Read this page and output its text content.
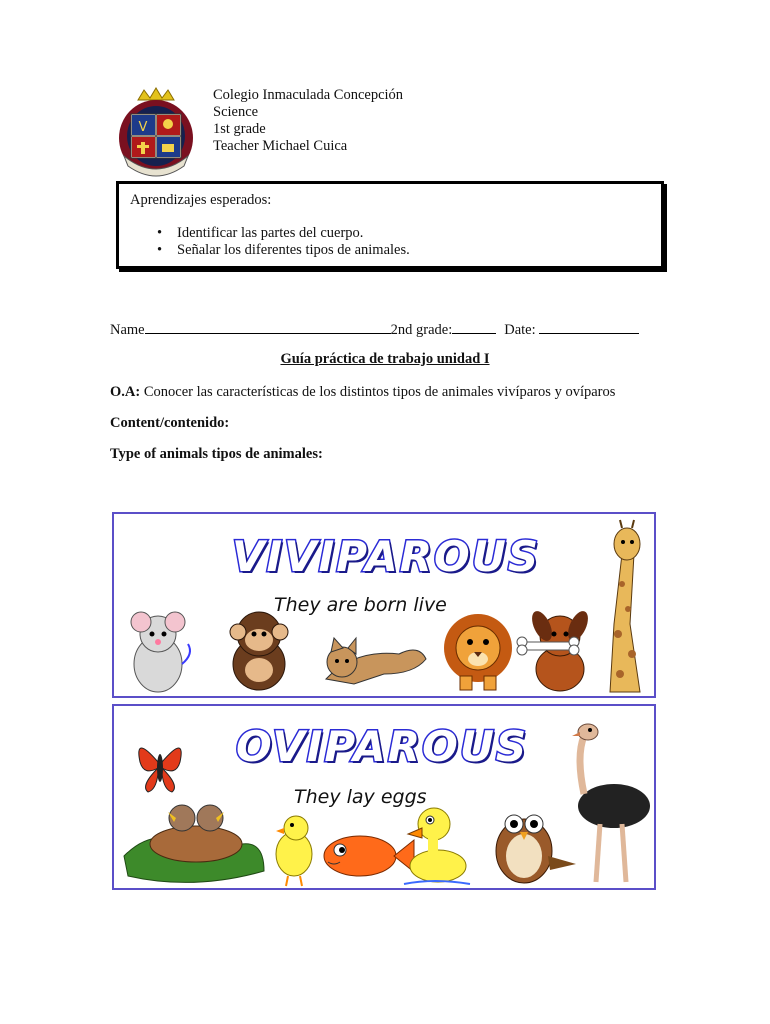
V
Colegio Inmaculada Concepción
Science
1st grade
Teacher Michael Cuica
Aprendizajes esperados:
• Identificar las partes del cuerpo.
• Señalar los diferentes tipos de animales.
Name	2nd grade:	Date:
Guía práctica de trabajo unidad I
O.A: Conocer las características de los distintos tipos de animales vivíparos y ovíparos
Content/contenido:
Type of animals tipos de animales:
VIVIPAROUS
They are born live
OVIPAROUS
They lay eggs
